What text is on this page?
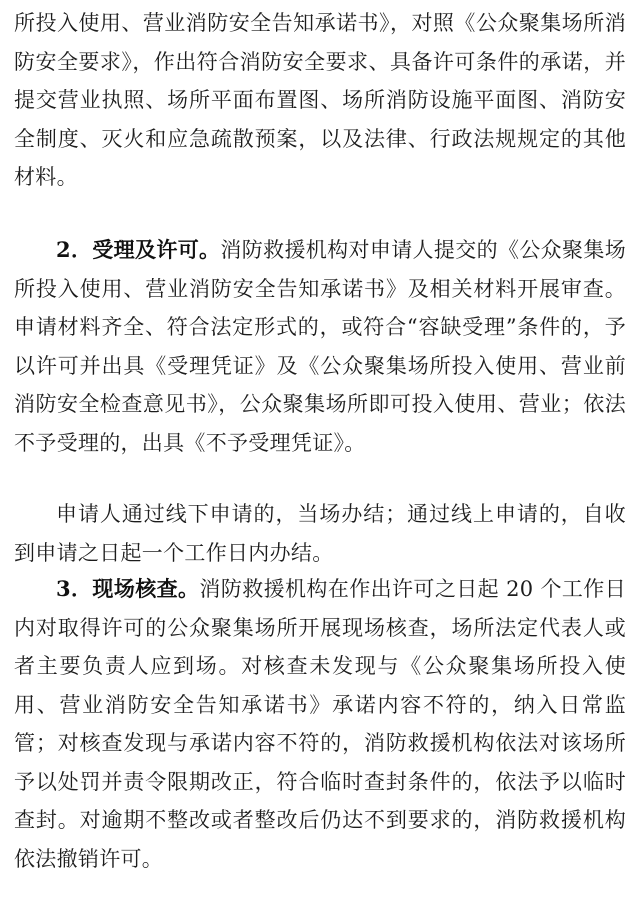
所投入使用、营业消防安全告知承诺书》，对照《公众聚集场所消防安全要求》，作出符合消防安全要求、具备许可条件的承诺，并提交营业执照、场所平面布置图、场所消防设施平面图、消防安全制度、灭火和应急疏散预案，以及法律、行政法规规定的其他材料。

2．受理及许可。消防救援机构对申请人提交的《公众聚集场所投入使用、营业消防安全告知承诺书》及相关材料开展审查。申请材料齐全、符合法定形式的，或符合“容缺受理”条件的，予以许可并出具《受理凭证》及《公众聚集场所投入使用、营业前消防安全检查意见书》，公众聚集场所即可投入使用、营业；依法不予受理的，出具《不予受理凭证》。

申请人通过线下申请的，当场办结；通过线上申请的，自收到申请之日起一个工作日内办结。

3．现场核查。消防救援机构在作出许可之日起 20 个工作日内对取得许可的公众聚集场所开展现场核查，场所法定代表人或者主要负责人应到场。对核查未发现与《公众聚集场所投入使用、营业消防安全告知承诺书》承诺内容不符的，纳入日常监管；对核查发现与承诺内容不符的，消防救援机构依法对该场所予以处罚并责令限期改正，符合临时查封条件的，依法予以临时查封。对逾期不整改或者整改后仍达不到要求的，消防救援机构依法撤销许可。
